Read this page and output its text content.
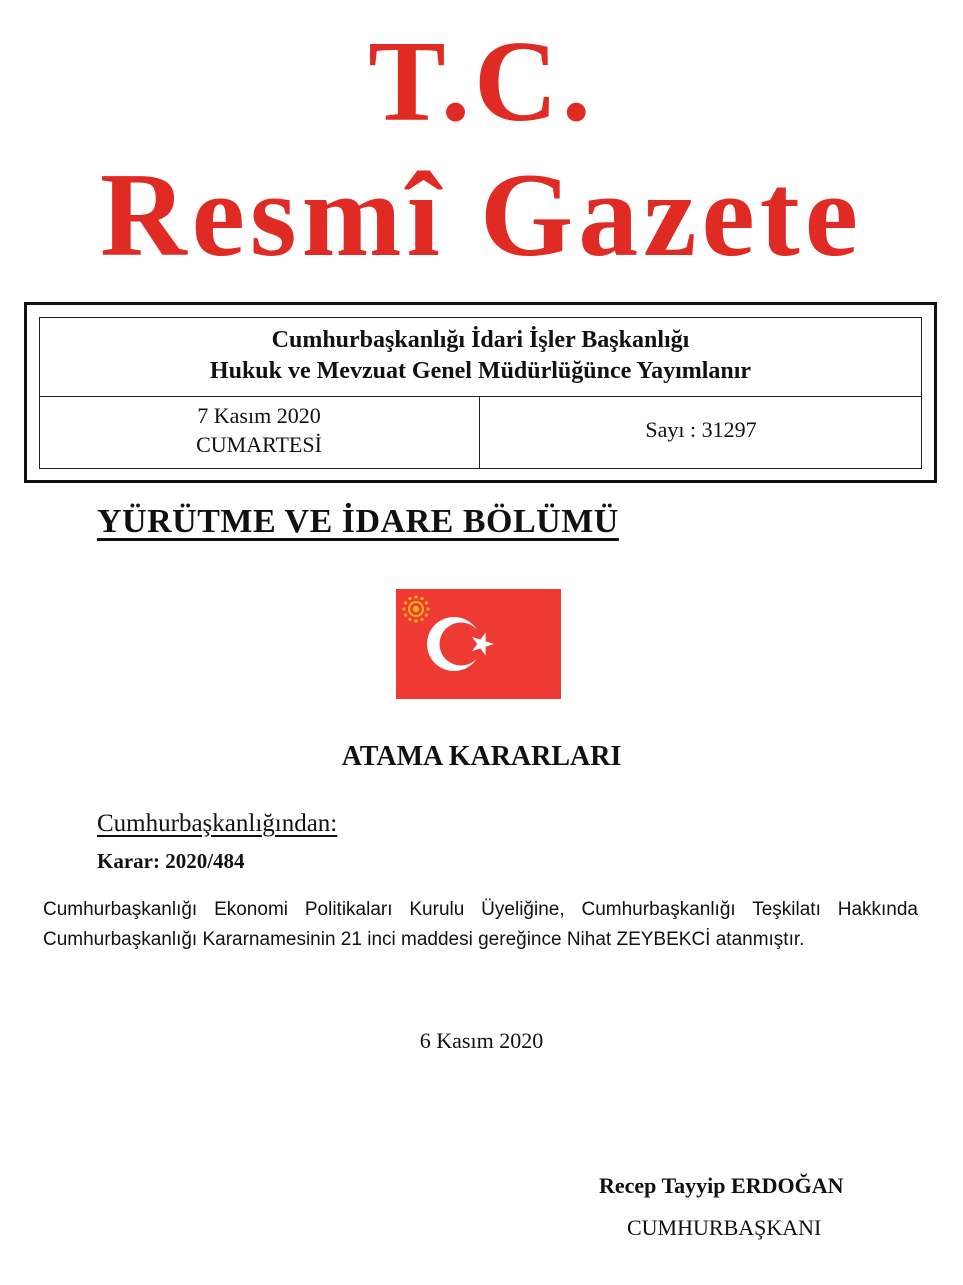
T.C.
Resmî Gazete
Cumhurbaşkanlığı İdari İşler Başkanlığı
Hukuk ve Mevzuat Genel Müdürlüğünce Yayımlanır
7 Kasım 2020
CUMARTESİ
Sayı : 31297
YÜRÜTME VE İDARE BÖLÜMÜ
ATAMA KARARLARI
Cumhurbaşkanlığından:
Karar: 2020/484
Cumhurbaşkanlığı Ekonomi Politikaları Kurulu Üyeliğine, Cumhurbaşkanlığı Teşkilatı Hakkında Cumhurbaşkanlığı Kararnamesinin 21 inci maddesi gereğince Nihat ZEYBEKCİ atanmıştır.
6 Kasım 2020
Recep Tayyip ERDOĞAN
CUMHURBAŞKANI
